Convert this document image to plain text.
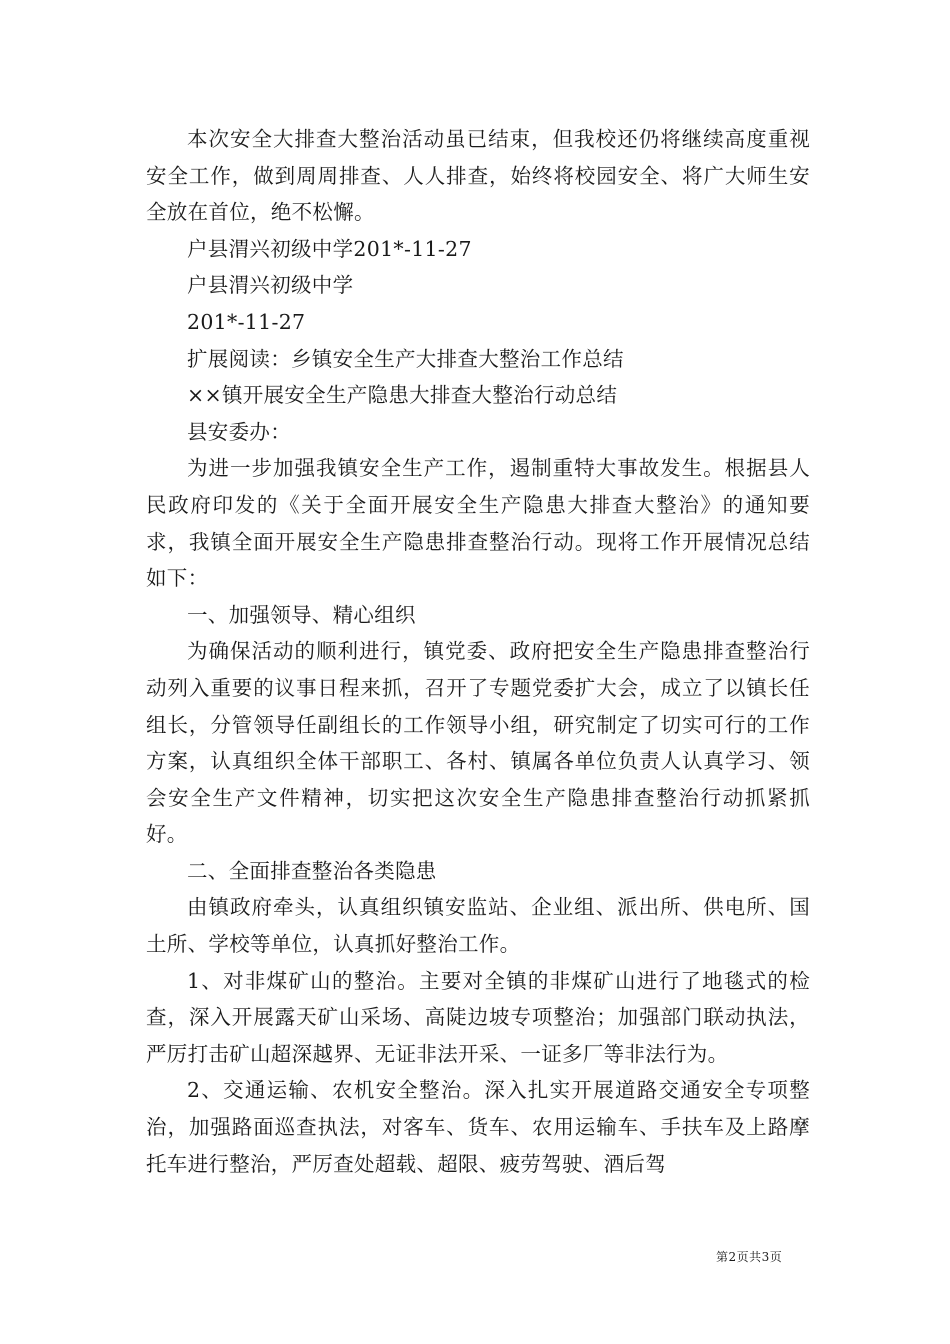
本次安全大排查大整治活动虽已结束，但我校还仍将继续高度重视安全工作，做到周周排查、人人排查，始终将校园安全、将广大师生安全放在首位，绝不松懈。

户县渭兴初级中学201*-11-27

户县渭兴初级中学

201*-11-27

扩展阅读：乡镇安全生产大排查大整治工作总结

××镇开展安全生产隐患大排查大整治行动总结

县安委办：

为进一步加强我镇安全生产工作，遏制重特大事故发生。根据县人民政府印发的《关于全面开展安全生产隐患大排查大整治》的通知要求，我镇全面开展安全生产隐患排查整治行动。现将工作开展情况总结如下：

一、加强领导、精心组织

为确保活动的顺利进行，镇党委、政府把安全生产隐患排查整治行动列入重要的议事日程来抓，召开了专题党委扩大会，成立了以镇长任组长，分管领导任副组长的工作领导小组，研究制定了切实可行的工作方案，认真组织全体干部职工、各村、镇属各单位负责人认真学习、领会安全生产文件精神，切实把这次安全生产隐患排查整治行动抓紧抓好。

二、全面排查整治各类隐患

由镇政府牵头，认真组织镇安监站、企业组、派出所、供电所、国土所、学校等单位，认真抓好整治工作。

1、对非煤矿山的整治。主要对全镇的非煤矿山进行了地毯式的检查，深入开展露天矿山采场、高陡边坡专项整治；加强部门联动执法，严厉打击矿山超深越界、无证非法开采、一证多厂等非法行为。

2、交通运输、农机安全整治。深入扎实开展道路交通安全专项整治，加强路面巡查执法，对客车、货车、农用运输车、手扶车及上路摩托车进行整治，严厉查处超载、超限、疲劳驾驶、酒后驾

第2页共3页
